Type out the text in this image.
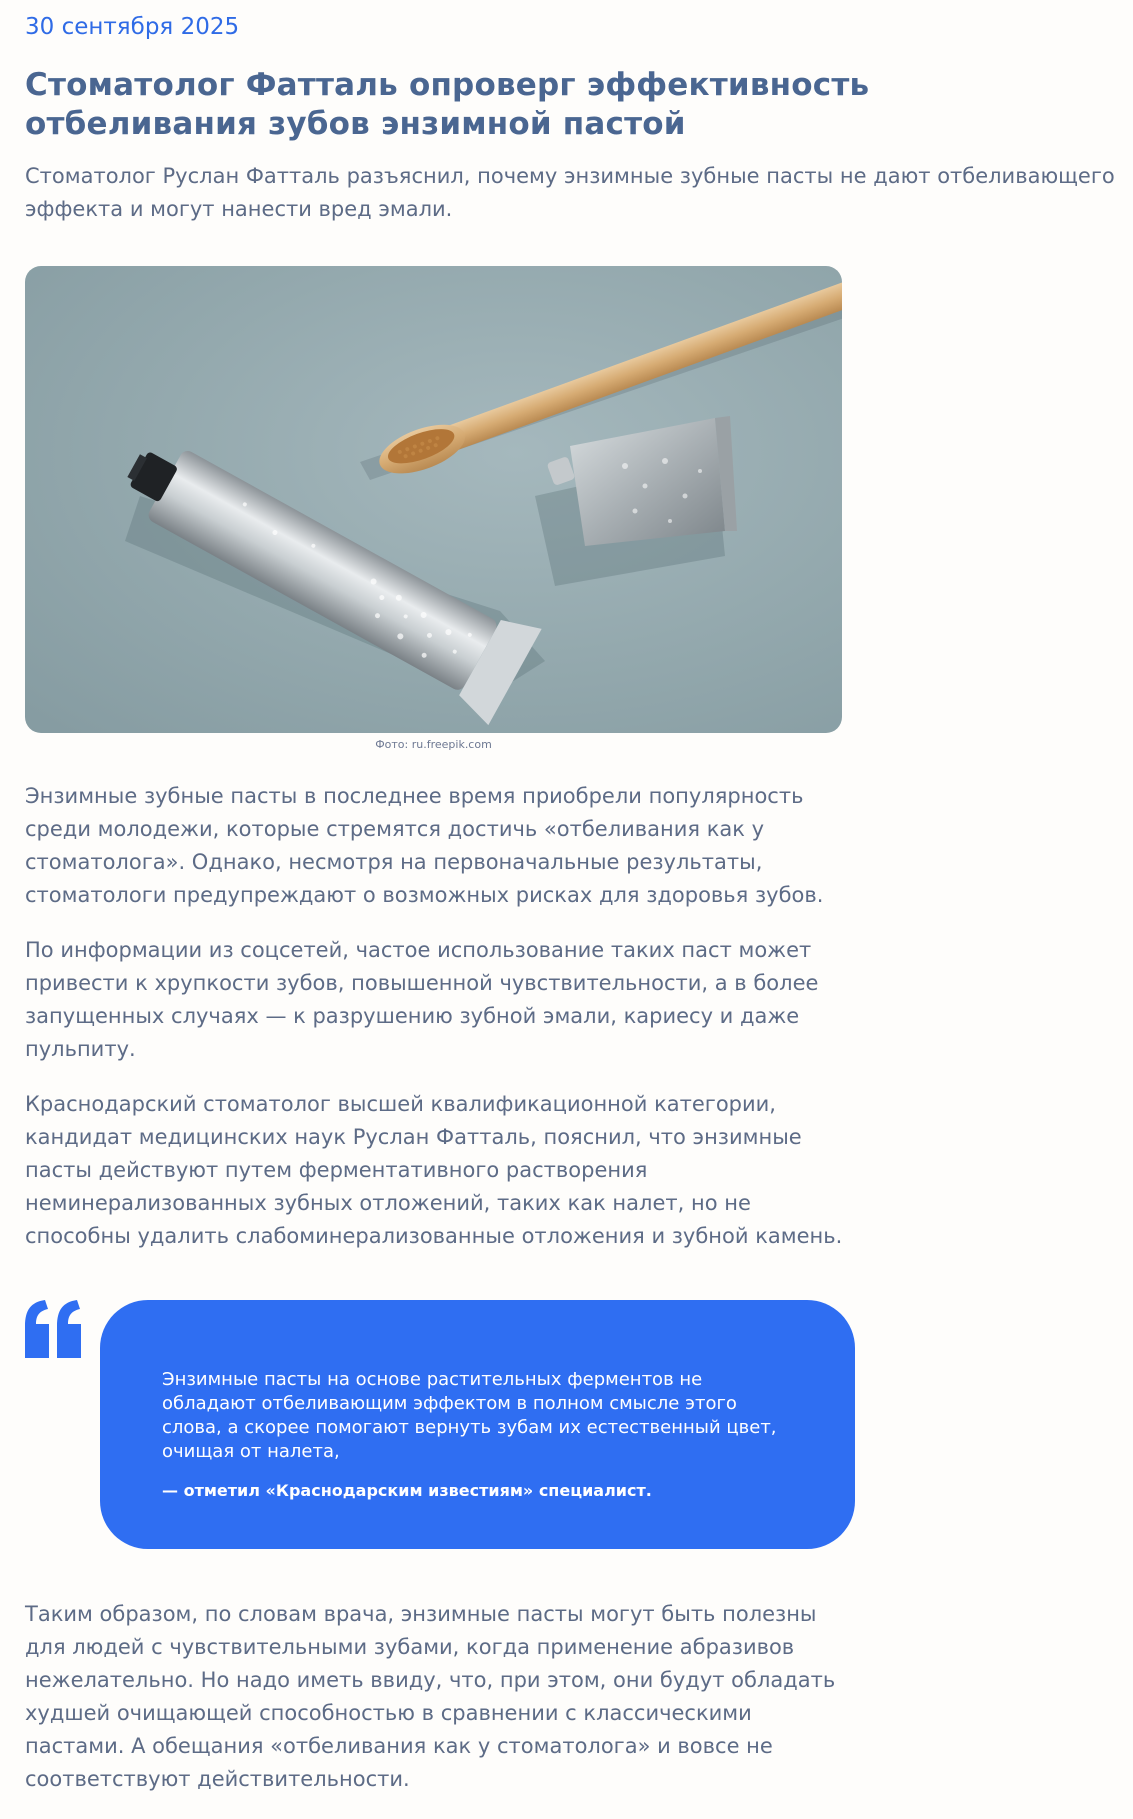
30 сентября 2025
Стоматолог Фатталь опроверг эффективность отбеливания зубов энзимной пастой
Стоматолог Руслан Фатталь разъяснил, почему энзимные зубные пасты не дают отбеливающего эффекта и могут нанести вред эмали.
Фото: ru.freepik.com

Энзимные зубные пасты в последнее время приобрели популярность среди молодежи, которые стремятся достичь «отбеливания как у стоматолога». Однако, несмотря на первоначальные результаты, стоматологи предупреждают о возможных рисках для здоровья зубов.

По информации из соцсетей, частое использование таких паст может привести к хрупкости зубов, повышенной чувствительности, а в более запущенных случаях — к разрушению зубной эмали, кариесу и даже пульпиту.

Краснодарский стоматолог высшей квалификационной категории, кандидат медицинских наук Руслан Фатталь, пояснил, что энзимные пасты действуют путем ферментативного растворения неминерализованных зубных отложений, таких как налет, но не способны удалить слабоминерализованные отложения и зубной камень.

Энзимные пасты на основе растительных ферментов не обладают отбеливающим эффектом в полном смысле этого слова, а скорее помогают вернуть зубам их естественный цвет, очищая от налета,
— отметил «Краснодарским известиям» специалист.

Таким образом, по словам врача, энзимные пасты могут быть полезны для людей с чувствительными зубами, когда применение абразивов нежелательно. Но надо иметь ввиду, что, при этом, они будут обладать худшей очищающей способностью в сравнении с классическими пастами. А обещания «отбеливания как у стоматолога» и вовсе не соответствуют действительности.
